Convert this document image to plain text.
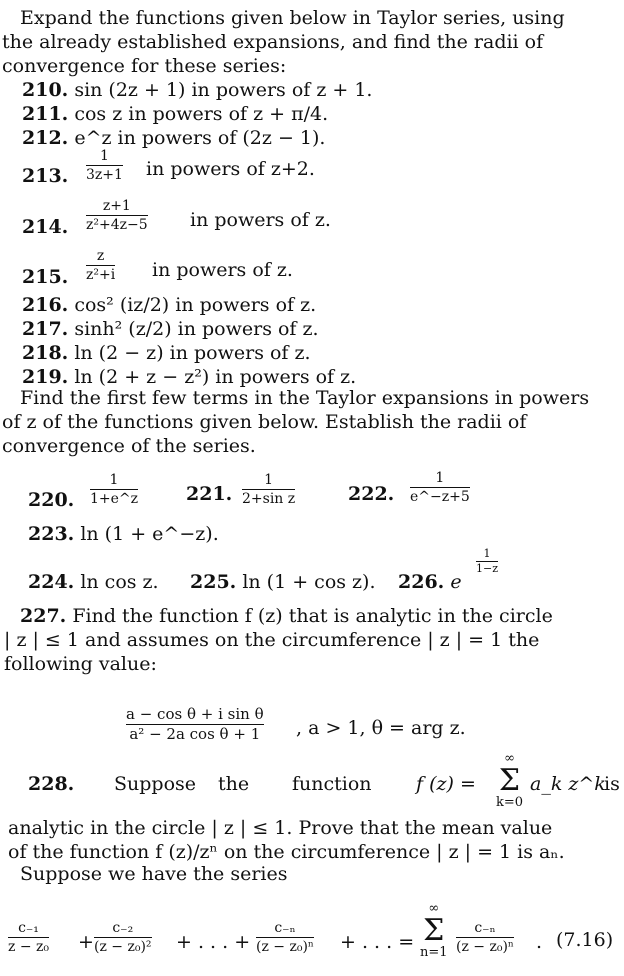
Expand the functions given below in Taylor series, using
the already established expansions, and find the radii of
convergence for these series:
210. sin (2z + 1) in powers of z + 1.
211. cos z in powers of z + π/4.
212. e^z in powers of (2z − 1).
213.
1
3z+1 in powers of z+2.
214.
z+1
z²+4z−5 in powers of z.
215.
z
z²+i in powers of z.
216. cos² (iz/2) in powers of z.
217. sinh² (z/2) in powers of z.
218. ln (2 − z) in powers of z.
219. ln (2 + z − z²) in powers of z.
Find the first few terms in the Taylor expansions in powers
of z of the functions given below. Establish the radii of
convergence of the series.
220.
1
1+e^z	221.
1
2+sin z	222.
1
e^−z+5
223. ln (1 + e^−z).
224. ln cos z. 225. ln (1 + cos z). 226. e
1
1−z
227. Find the function f (z) that is analytic in the circle
| z | ≤ 1 and assumes on the circumference | z | = 1 the
following value:
a − cos θ + i sin θ
a² − 2a cos θ + 1 , a > 1, θ = arg z.
228. Suppose the function f (z) =
∞
Σ
k=0
a_k z^k
is
analytic in the circle | z | ≤ 1. Prove that the mean value
of the function f (z)/zⁿ on the circumference | z | = 1 is aₙ.
Suppose we have the series
c₋₁
z − z₀ +
c₋₂
(z − z₀)² + . . . +
c₋ₙ
(z − z₀)ⁿ + . . . =
∞
Σ
n=1
c₋ₙ
(z − z₀)ⁿ . (7.16)
